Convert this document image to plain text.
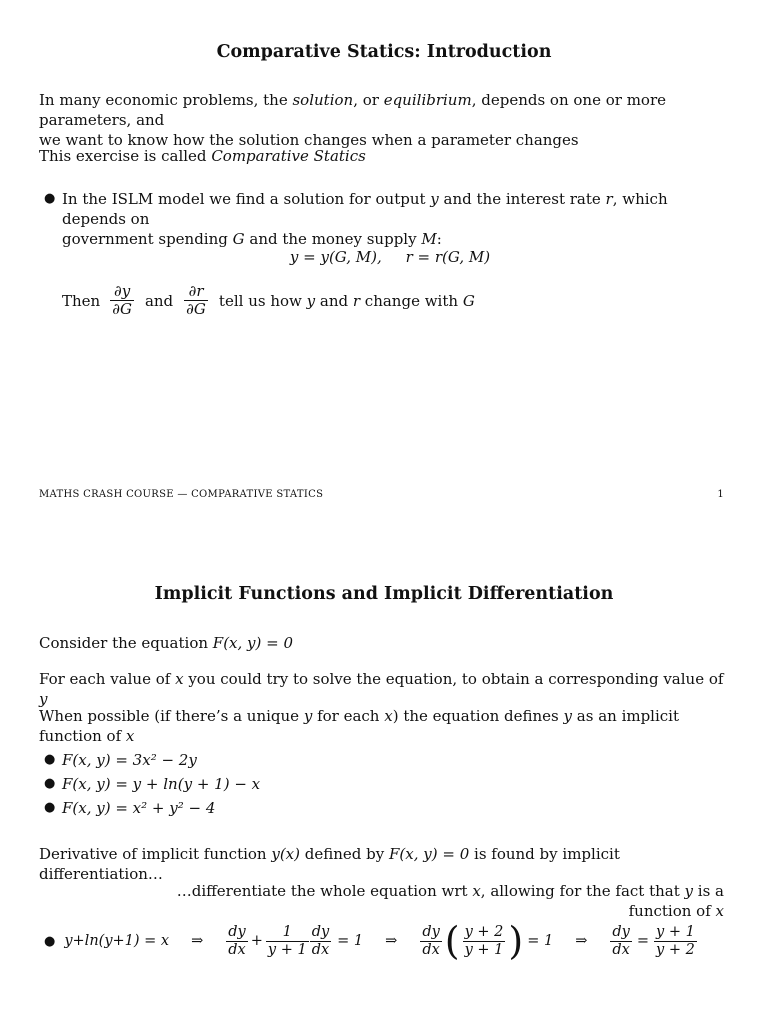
Comparative Statics: Introduction
In many economic problems, the solution, or equilibrium, depends on one or more parameters, and
we want to know how the solution changes when a parameter changes
This exercise is called Comparative Statics
● In the ISLM model we find a solution for output y and the interest rate r, which depends on
government spending G and the money supply M:
y = y(G, M),     r = r(G, M)
Then $\frac{\partial y}{\partial G}$ and $\frac{\partial r}{\partial G}$ tell us how y and r change with G
MATHS CRASH COURSE — COMPARATIVE STATICS	1
Implicit Functions and Implicit Differentiation
Consider the equation F(x, y) = 0
For each value of x you could try to solve the equation, to obtain a corresponding value of y
When possible (if there’s a unique y for each x) the equation defines y as an implicit function of x
● F(x, y) = 3x² − 2y
● F(x, y) = y + ln(y + 1) − x
● F(x, y) = x² + y² − 4
Derivative of implicit function y(x) defined by F(x, y) = 0 is found by implicit differentiation…
…differentiate the whole equation wrt x, allowing for the fact that y is a function of x
● y+ln(y+1) = x ⇒ $\frac{dy}{dx} + \frac{1}{y + 1} \frac{dy}{dx} = 1$ ⇒ $\frac{dy}{dx}$ ( $\frac{y + 2}{y + 1}$ ) = 1 ⇒ $\frac{dy}{dx} = \frac{y + 1}{y + 2}$
